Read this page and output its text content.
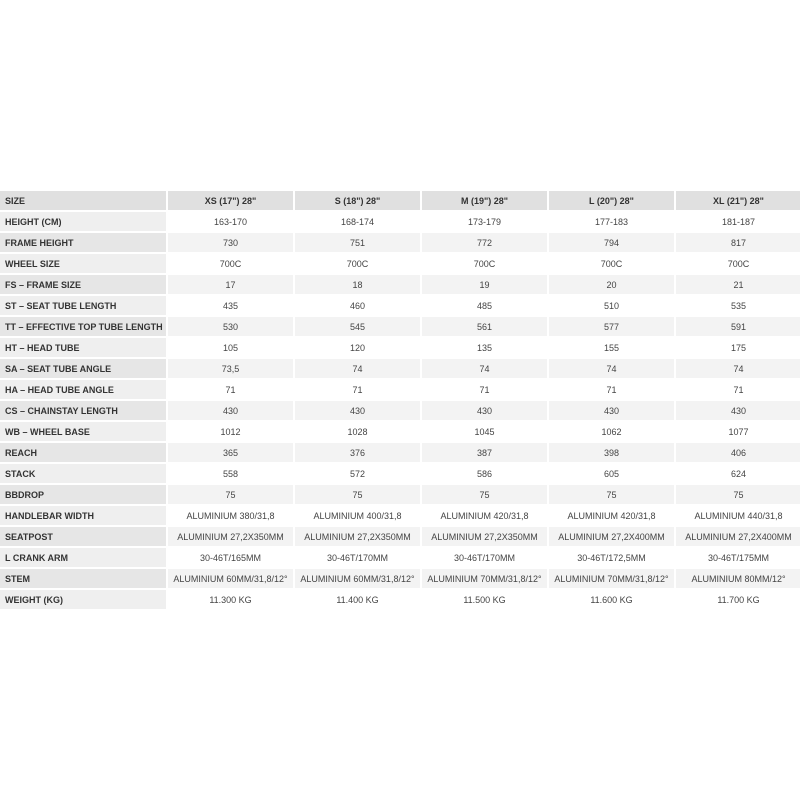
SIZE	XS (17") 28"	S (18") 28"	M (19") 28"	L (20") 28"	XL (21") 28"
HEIGHT (CM)	163-170	168-174	173-179	177-183	181-187
FRAME HEIGHT	730	751	772	794	817
WHEEL SIZE	700C	700C	700C	700C	700C
FS – FRAME SIZE	17	18	19	20	21
ST – SEAT TUBE LENGTH	435	460	485	510	535
TT – EFFECTIVE TOP TUBE LENGTH	530	545	561	577	591
HT – HEAD TUBE	105	120	135	155	175
SA – SEAT TUBE ANGLE	73,5	74	74	74	74
HA – HEAD TUBE ANGLE	71	71	71	71	71
CS – CHAINSTAY LENGTH	430	430	430	430	430
WB – WHEEL BASE	1012	1028	1045	1062	1077
REACH	365	376	387	398	406
STACK	558	572	586	605	624
BBDROP	75	75	75	75	75
HANDLEBAR WIDTH	ALUMINIUM 380/31,8	ALUMINIUM 400/31,8	ALUMINIUM 420/31,8	ALUMINIUM 420/31,8	ALUMINIUM 440/31,8
SEATPOST	ALUMINIUM 27,2X350MM	ALUMINIUM 27,2X350MM	ALUMINIUM 27,2X350MM	ALUMINIUM 27,2X400MM	ALUMINIUM 27,2X400MM
L CRANK ARM	30-46T/165MM	30-46T/170MM	30-46T/170MM	30-46T/172,5MM	30-46T/175MM
STEM	ALUMINIUM 60MM/31,8/12°	ALUMINIUM 60MM/31,8/12°	ALUMINIUM 70MM/31,8/12°	ALUMINIUM 70MM/31,8/12°	ALUMINIUM 80MM/12°
WEIGHT (KG)	11.300 KG	11.400 KG	11.500 KG	11.600 KG	11.700 KG
